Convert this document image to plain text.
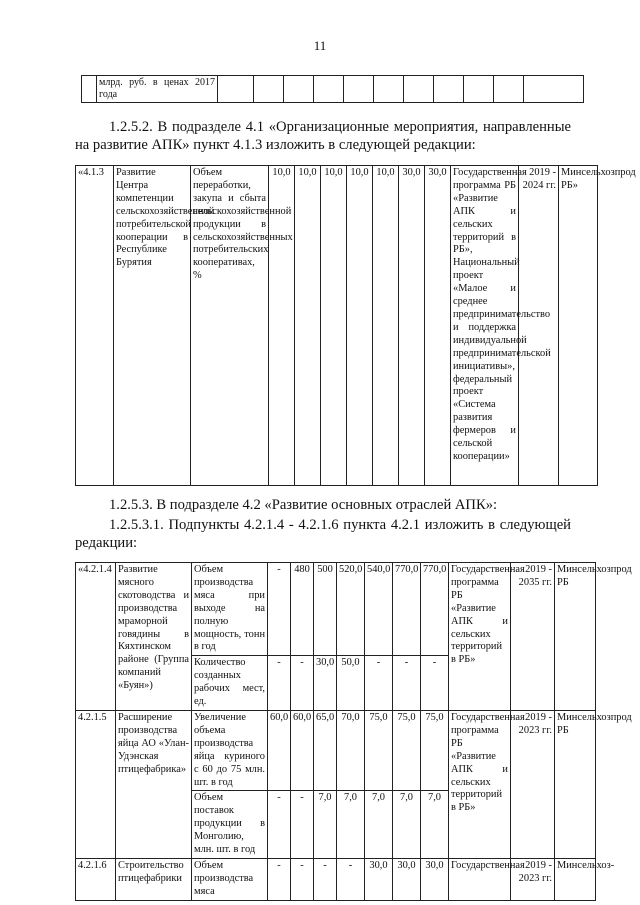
11
	млрд. руб. в ценах 2017 года											
1.2.5.2. В подразделе 4.1 «Организационные мероприятия, направленные на развитие АПК» пункт 4.1.3 изложить в следующей редакции:
«4.1.3	Развитие Центра компетенции сельскохозяйственной потребительской кооперации в Республике Бурятия	Объем переработки, закупа и сбыта сельскохозяйственной продукции в сельскохозяйственных потребительских кооперативах, %	10,0	10,0	10,0	10,0	10,0	30,0	30,0	Государственная программа РБ «Развитие АПК и сельских территорий в РБ», Национальный проект «Малое и среднее предпринимательство и поддержка индивидуальной предпринимательской инициативы», федеральный проект «Система развития фермеров и сельской кооперации»	2019 - 2024 гг.	Минсельхозпрод РБ»
1.2.5.3. В подразделе 4.2 «Развитие основных отраслей АПК»:
1.2.5.3.1. Подпункты 4.2.1.4 - 4.2.1.6 пункта 4.2.1 изложить в следующей редакции:
«4.2.1.4	Развитие мясного скотоводства и производства мраморной говядины в Кяхтинском районе (Группа компаний «Буян»)	Объем производства мяса при выходе на полную мощность, тонн в год	-	480	500	520,0	540,0	770,0	770,0	Государственная программа РБ «Развитие АПК и сельских территорий в РБ»	2019 - 2035 гг.	Минсельхозпрод РБ
		Количество созданных рабочих мест, ед.	-	-	30,0	50,0	-	-	-			
4.2.1.5	Расширение производства яйца АО «Улан-Удэнская птицефабрика»	Увеличение объема производства яйца куриного с 60 до 75 млн. шт. в год	60,0	60,0	65,0	70,0	75,0	75,0	75,0	Государственная программа РБ «Развитие АПК и сельских территорий в РБ»	2019 - 2023 гг.	Минсельхозпрод РБ
		Объем поставок продукции в Монголию, млн. шт. в год	-	-	7,0	7,0	7,0	7,0	7,0			
4.2.1.6	Строительство птицефабрики	Объем производства мяса	-	-	-	-	30,0	30,0	30,0	Государственная	2019 - 2023 гг.	Минсельхоз-
